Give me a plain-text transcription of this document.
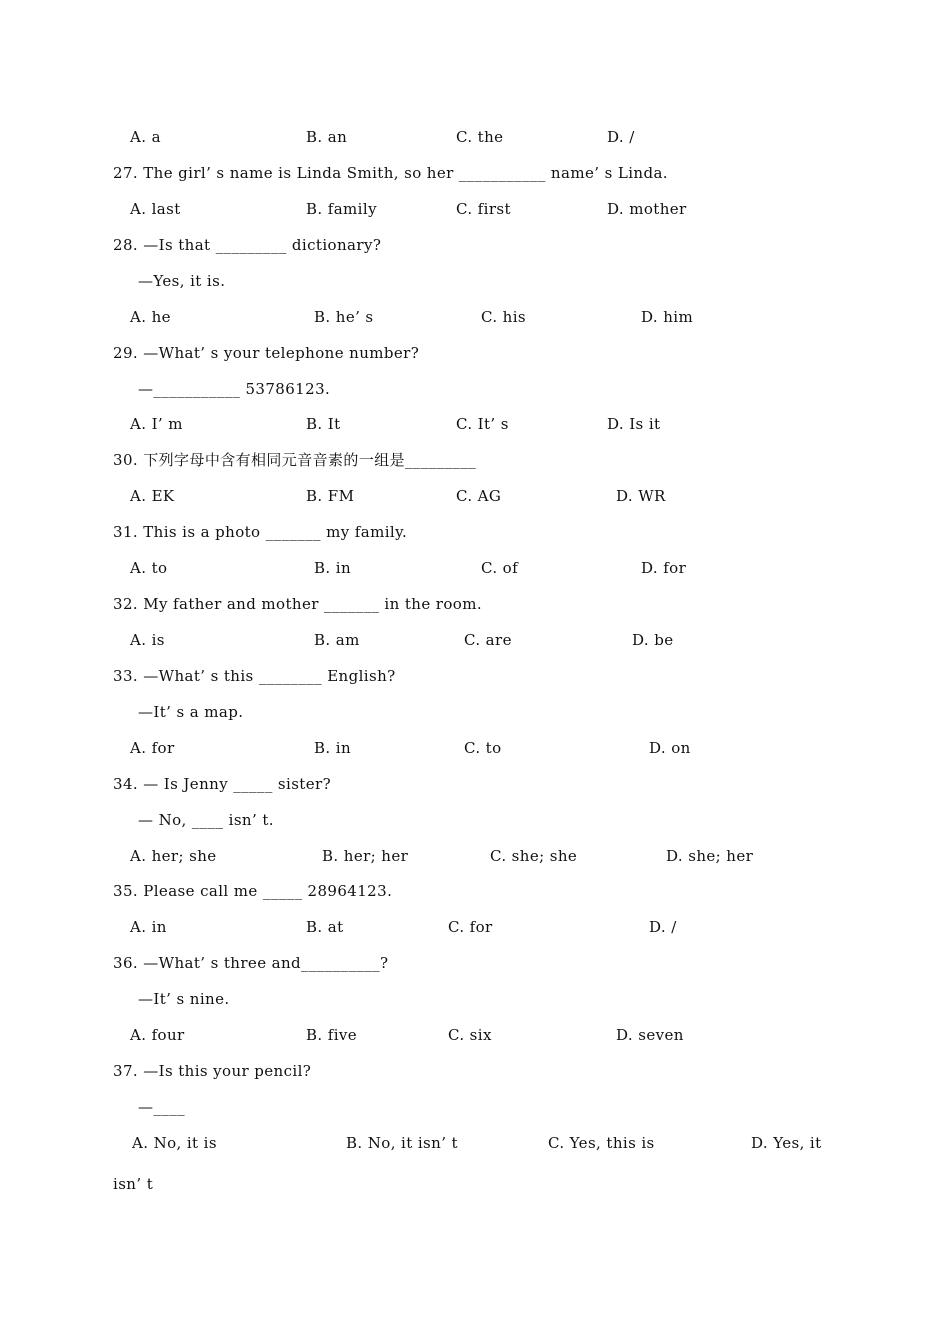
A. a	B. an	C. the	D. /
27. The girl’ s name is Linda Smith, so her ___________ name’ s Linda.
A. last	B. family	C. first	D. mother
28. —Is that _________ dictionary?
—Yes, it is.
A. he	B. he’ s	C. his	D. him
29. —What’ s your telephone number?
—___________ 53786123.
A. I’ m	B. It	C. It’ s	D. Is it
30. 下列字母中含有相同元音音素的一组是_________
A. EK	B. FM	C. AG	D. WR
31. This is a photo _______ my family.
A. to	B. in	C. of	D. for
32. My father and mother _______ in the room.
A. is	B. am	C. are	D. be
33. —What’ s this ________ English?
—It’ s a map.
A. for	B. in	C. to	D. on
34. — Is Jenny _____ sister?
— No, ____ isn’ t.
A. her; she	B. her; her	C. she; she	D. she; her
35. Please call me _____ 28964123.
A. in	B. at	C. for	D. /
36. —What’ s three and__________?
—It’ s nine.
A. four	B. five	C. six	D. seven
37. —Is this your pencil?
—____
A. No, it is	B. No, it isn’ t	C. Yes, this is	D. Yes, it
isn’ t
